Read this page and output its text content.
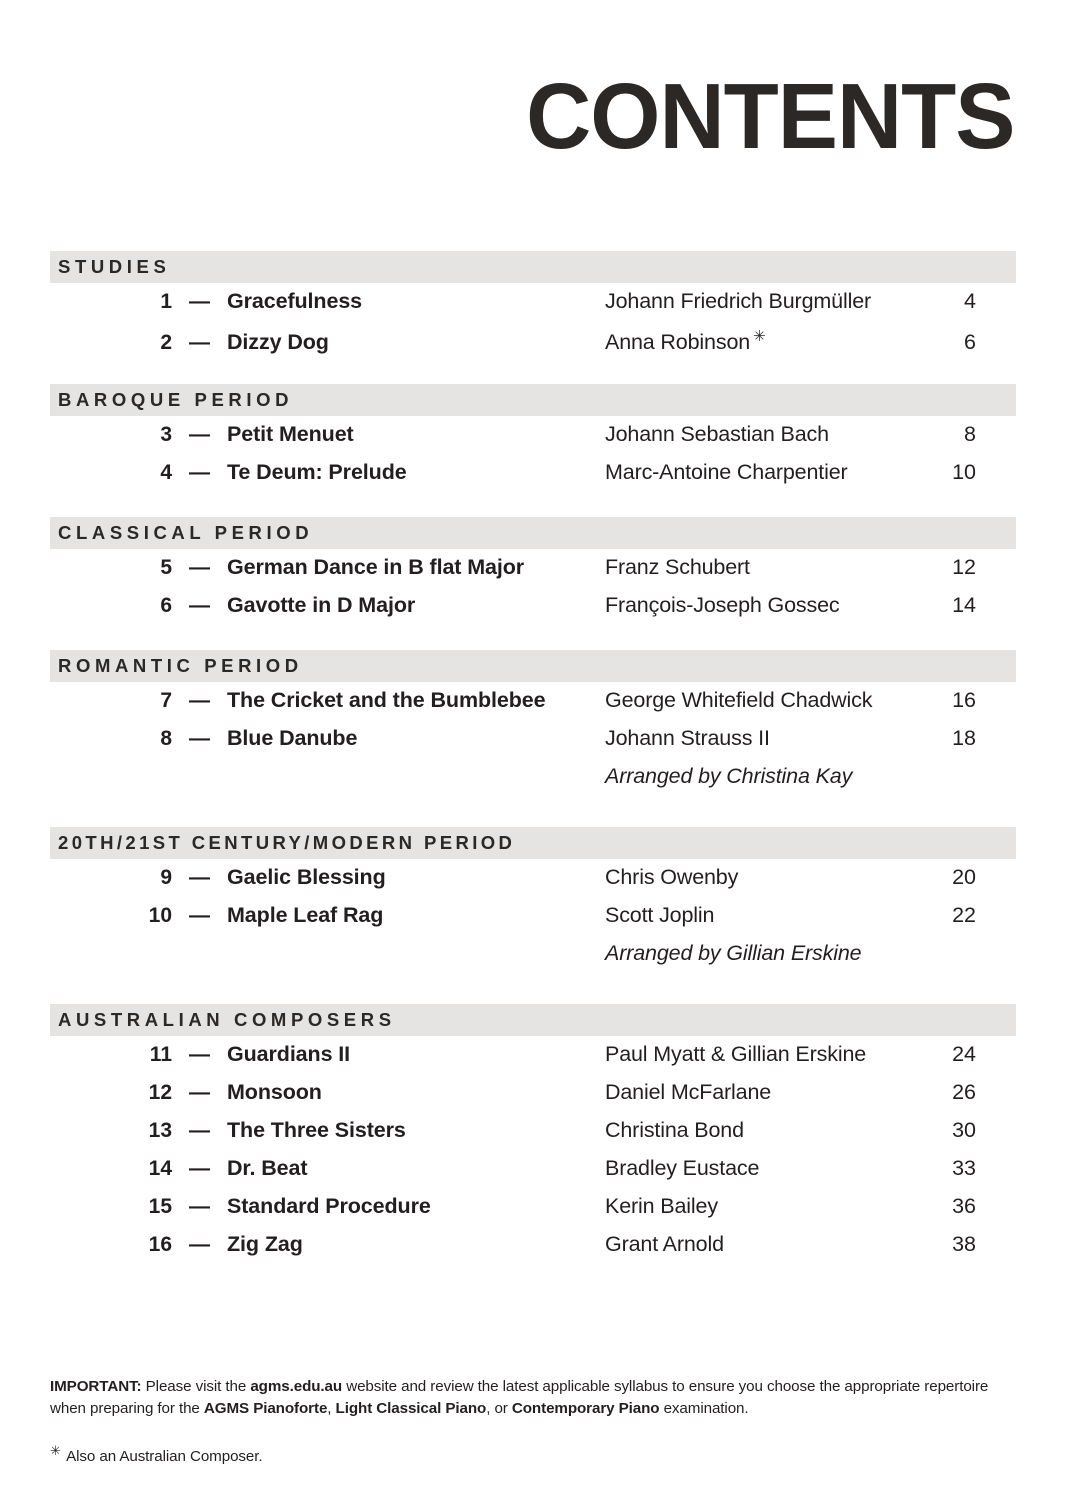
CONTENTS
STUDIES
1 — Gracefulness	Johann Friedrich Burgmüller	4
2 — Dizzy Dog	Anna Robinson ✳	6
BAROQUE PERIOD
3 — Petit Menuet	Johann Sebastian Bach	8
4 — Te Deum: Prelude	Marc-Antoine Charpentier	10
CLASSICAL PERIOD
5 — German Dance in B flat Major	Franz Schubert	12
6 — Gavotte in D Major	François-Joseph Gossec	14
ROMANTIC PERIOD
7 — The Cricket and the Bumblebee	George Whitefield Chadwick	16
8 — Blue Danube	Johann Strauss II	18
Arranged by Christina Kay
20TH/21ST CENTURY/MODERN PERIOD
9 — Gaelic Blessing	Chris Owenby	20
10 — Maple Leaf Rag	Scott Joplin	22
Arranged by Gillian Erskine
AUSTRALIAN COMPOSERS
11 — Guardians II	Paul Myatt & Gillian Erskine	24
12 — Monsoon	Daniel McFarlane	26
13 — The Three Sisters	Christina Bond	30
14 — Dr. Beat	Bradley Eustace	33
15 — Standard Procedure	Kerin Bailey	36
16 — Zig Zag	Grant Arnold	38
IMPORTANT: Please visit the agms.edu.au website and review the latest applicable syllabus to ensure you choose the appropriate repertoire when preparing for the AGMS Pianoforte, Light Classical Piano, or Contemporary Piano examination.
✳ Also an Australian Composer.
